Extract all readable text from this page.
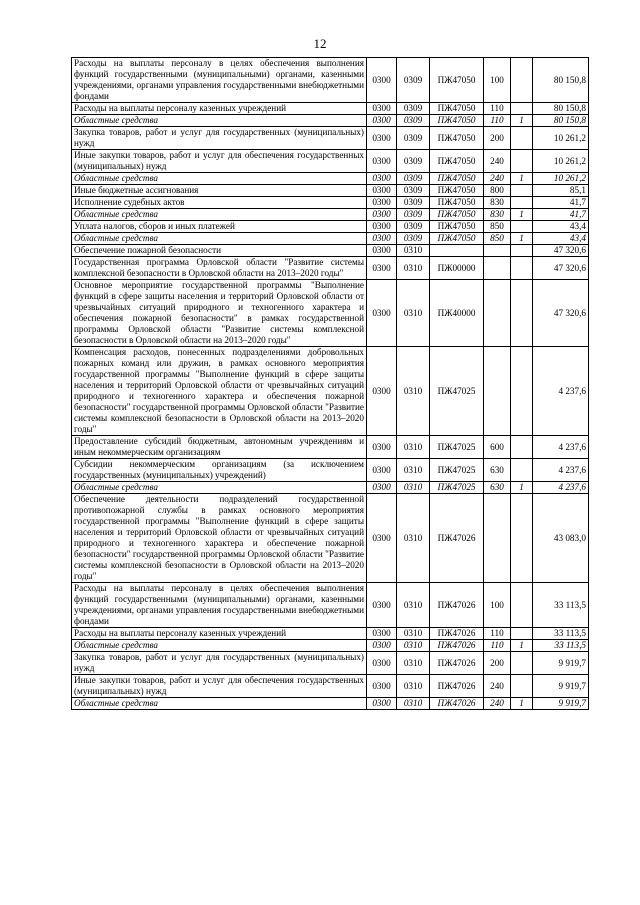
12
Расходы на выплаты персоналу в целях обеспечения выполнения функций государственными (муниципальными) органами, казенными учреждениями, органами управления государственными внебюджетными фондами	0300	0309	ПЖ47050	100		80 150,8
Расходы на выплаты персоналу казенных учреждений	0300	0309	ПЖ47050	110		80 150,8
Областные средства	0300	0309	ПЖ47050	110	1	80 150,8
Закупка товаров, работ и услуг для государственных (муниципальных) нужд	0300	0309	ПЖ47050	200		10 261,2
Иные закупки товаров, работ и услуг для обеспечения государственных (муниципальных) нужд	0300	0309	ПЖ47050	240		10 261,2
Областные средства	0300	0309	ПЖ47050	240	1	10 261,2
Иные бюджетные ассигнования	0300	0309	ПЖ47050	800		85,1
Исполнение судебных актов	0300	0309	ПЖ47050	830		41,7
Областные средства	0300	0309	ПЖ47050	830	1	41,7
Уплата налогов, сборов и иных платежей	0300	0309	ПЖ47050	850		43,4
Областные средства	0300	0309	ПЖ47050	850	1	43,4
Обеспечение пожарной безопасности	0300	0310				47 320,6
Государственная программа Орловской области "Развитие системы комплексной безопасности в Орловской области на 2013–2020 годы"	0300	0310	ПЖ00000			47 320,6
Основное мероприятие государственной программы "Выполнение функций в сфере защиты населения и территорий Орловской области от чрезвычайных ситуаций природного и техногенного характера и обеспечения пожарной безопасности" в рамках государственной программы Орловской области "Развитие системы комплексной безопасности в Орловской области на 2013–2020 годы"	0300	0310	ПЖ40000			47 320,6
Компенсация расходов, понесенных подразделениями добровольных пожарных команд или дружин, в рамках основного мероприятия государственной программы "Выполнение функций в сфере защиты населения и территорий Орловской области от чрезвычайных ситуаций природного и техногенного характера и обеспечения пожарной безопасности" государственной программы Орловской области "Развитие системы комплексной безопасности в Орловской области на 2013–2020 годы"	0300	0310	ПЖ47025			4 237,6
Предоставление субсидий бюджетным, автономным учреждениям и иным некоммерческим организациям	0300	0310	ПЖ47025	600		4 237,6
Субсидии некоммерческим организациям (за исключением государственных (муниципальных) учреждений)	0300	0310	ПЖ47025	630		4 237,6
Областные средства	0300	0310	ПЖ47025	630	1	4 237,6
Обеспечение деятельности подразделений государственной противопожарной службы в рамках основного мероприятия государственной программы "Выполнение функций в сфере защиты населения и территорий Орловской области от чрезвычайных ситуаций природного и техногенного характера и обеспечение пожарной безопасности" государственной программы Орловской области "Развитие системы комплексной безопасности в Орловской области на 2013–2020 годы"	0300	0310	ПЖ47026			43 083,0
Расходы на выплаты персоналу в целях обеспечения выполнения функций государственными (муниципальными) органами, казенными учреждениями, органами управления государственными внебюджетными фондами	0300	0310	ПЖ47026	100		33 113,5
Расходы на выплаты персоналу казенных учреждений	0300	0310	ПЖ47026	110		33 113,5
Областные средства	0300	0310	ПЖ47026	110	1	33 113,5
Закупка товаров, работ и услуг для государственных (муниципальных) нужд	0300	0310	ПЖ47026	200		9 919,7
Иные закупки товаров, работ и услуг для обеспечения государственных (муниципальных) нужд	0300	0310	ПЖ47026	240		9 919,7
Областные средства	0300	0310	ПЖ47026	240	1	9 919,7
